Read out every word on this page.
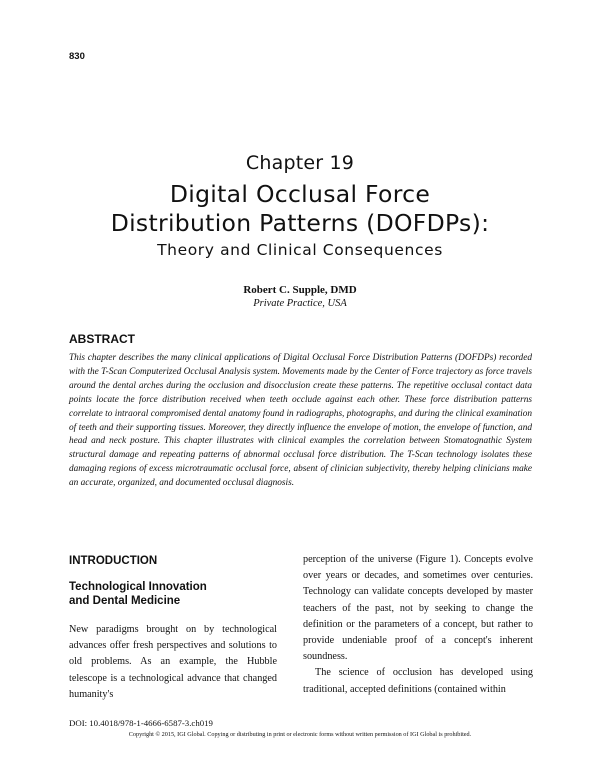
830
Chapter 19
Digital Occlusal Force
Distribution Patterns (DOFDPs):
Theory and Clinical Consequences
Robert C. Supple, DMD
Private Practice, USA
ABSTRACT
This chapter describes the many clinical applications of Digital Occlusal Force Distribution Patterns (DOFDPs) recorded with the T-Scan Computerized Occlusal Analysis system. Movements made by the Center of Force trajectory as force travels around the dental arches during the occlusion and disocclusion create these patterns. The repetitive occlusal contact data points locate the force distribution received when teeth occlude against each other. These force distribution patterns correlate to intraoral compromised dental anatomy found in radiographs, photographs, and during the clinical examination of teeth and their supporting tissues. Moreover, they directly influence the envelope of motion, the envelope of function, and head and neck posture. This chapter illustrates with clinical examples the correlation between Stomatognathic System structural damage and repeating patterns of abnormal occlusal force distribution. The T-Scan technology isolates these damaging regions of excess microtraumatic occlusal force, absent of clinician subjectivity, thereby helping clinicians make an accurate, organized, and documented occlusal diagnosis.
INTRODUCTION
Technological Innovation
and Dental Medicine

New paradigms brought on by technological advances offer fresh perspectives and solutions to old problems. As an example, the Hubble telescope is a technological advance that changed humanity's

perception of the universe (Figure 1). Concepts evolve over years or decades, and sometimes over centuries. Technology can validate concepts developed by master teachers of the past, not by seeking to change the definition or the parameters of a concept, but rather to provide undeniable proof of a concept's inherent soundness.

The science of occlusion has developed using traditional, accepted definitions (contained within

DOI: 10.4018/978-1-4666-6587-3.ch019
Copyright © 2015, IGI Global. Copying or distributing in print or electronic forms without written permission of IGI Global is prohibited.
